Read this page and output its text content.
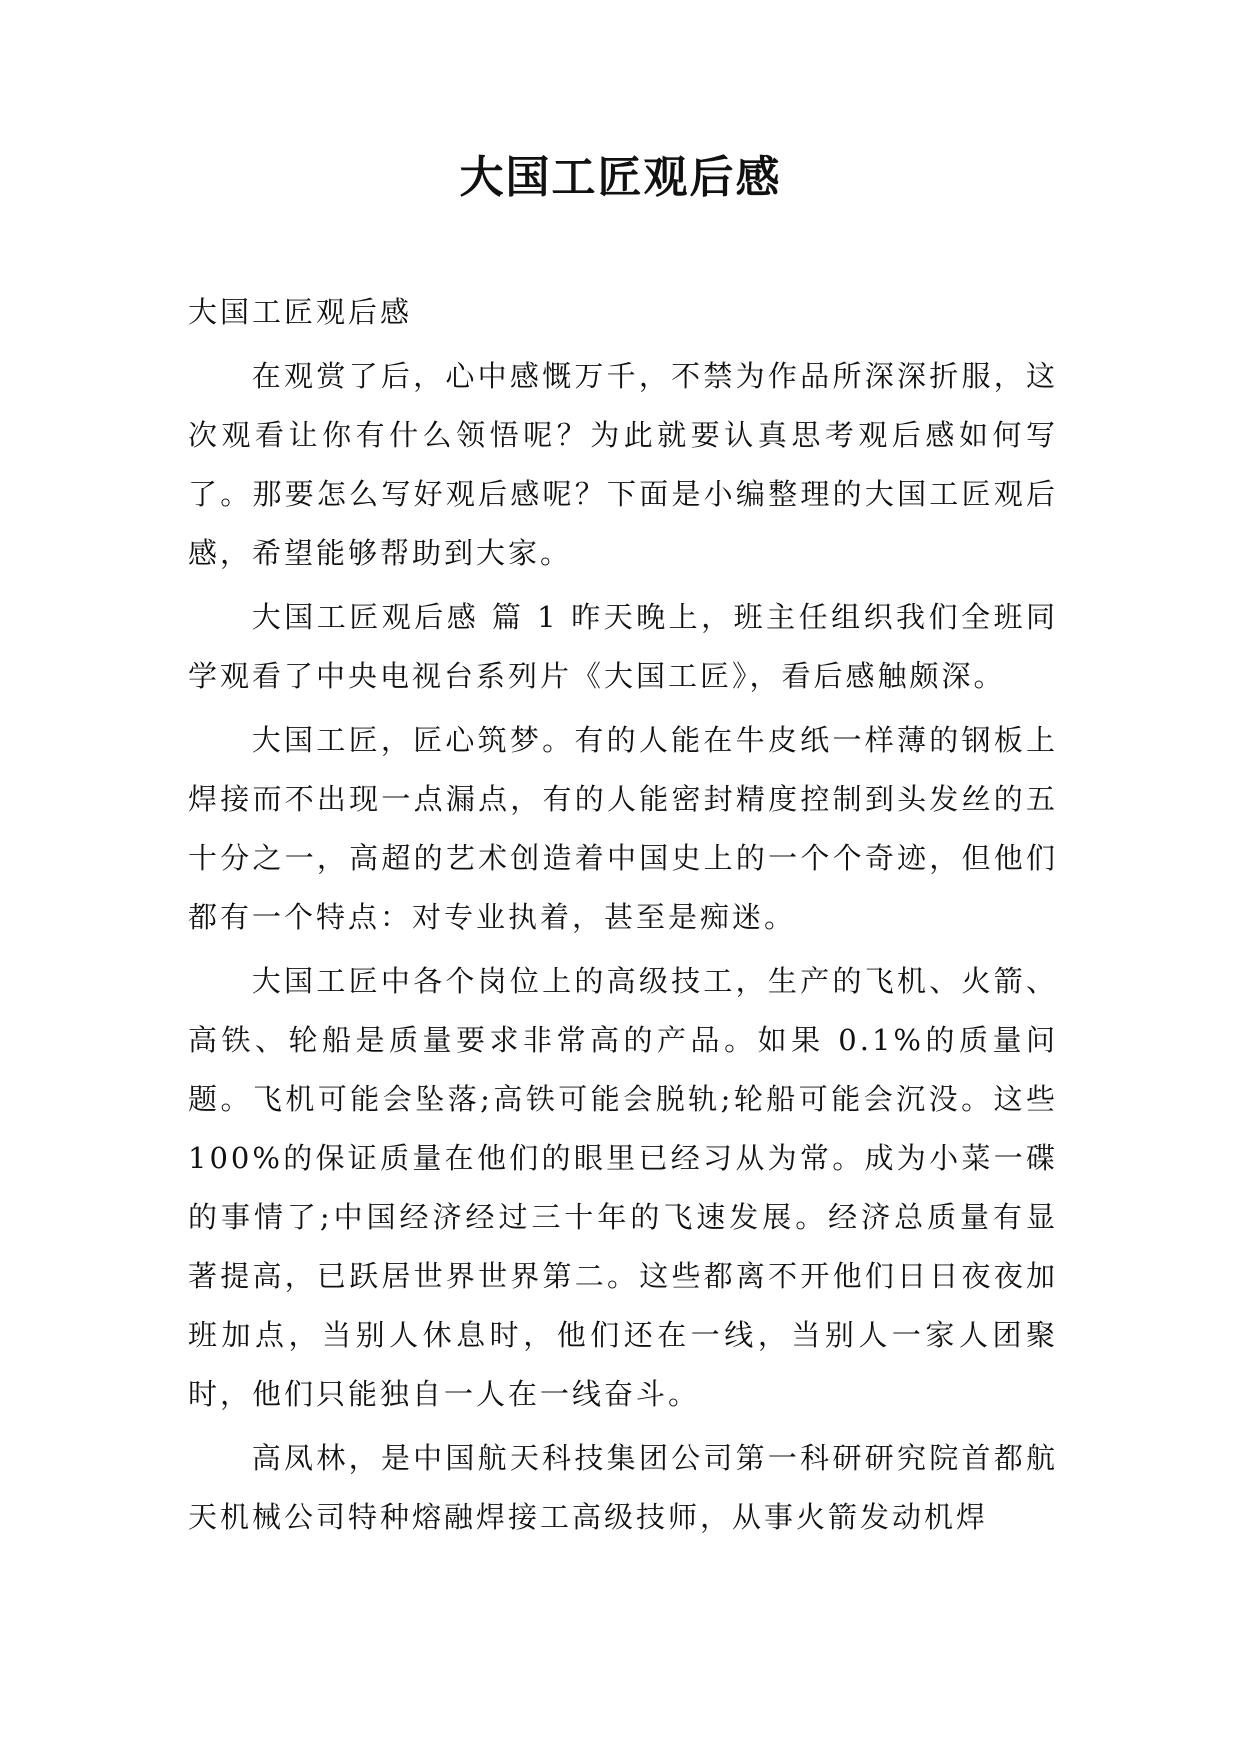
大国工匠观后感

大国工匠观后感

在观赏了后，心中感慨万千，不禁为作品所深深折服，这次观看让你有什么领悟呢？为此就要认真思考观后感如何写了。那要怎么写好观后感呢？下面是小编整理的大国工匠观后感，希望能够帮助到大家。

大国工匠观后感 篇 1 昨天晚上，班主任组织我们全班同学观看了中央电视台系列片《大国工匠》，看后感触颇深。

大国工匠，匠心筑梦。有的人能在牛皮纸一样薄的钢板上焊接而不出现一点漏点，有的人能密封精度控制到头发丝的五十分之一，高超的艺术创造着中国史上的一个个奇迹，但他们都有一个特点：对专业执着，甚至是痴迷。

大国工匠中各个岗位上的高级技工，生产的飞机、火箭、高铁、轮船是质量要求非常高的产品。如果 0.1%的质量问题。飞机可能会坠落;高铁可能会脱轨;轮船可能会沉没。这些100%的保证质量在他们的眼里已经习从为常。成为小菜一碟的事情了;中国经济经过三十年的飞速发展。经济总质量有显著提高，已跃居世界世界第二。这些都离不开他们日日夜夜加班加点，当别人休息时，他们还在一线，当别人一家人团聚时，他们只能独自一人在一线奋斗。

高凤林，是中国航天科技集团公司第一科研研究院首都航天机械公司特种熔融焊接工高级技师，从事火箭发动机焊
